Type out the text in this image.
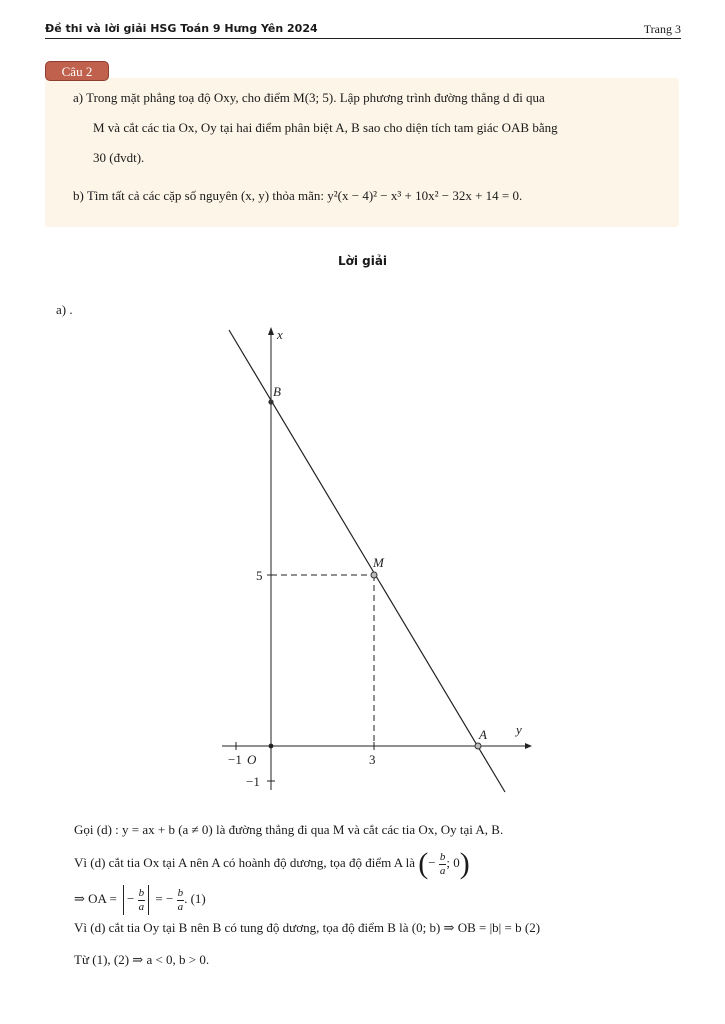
Đề thi và lời giải HSG Toán 9 Hưng Yên 2024	Trang 3
Câu 2
a) Trong mặt phẳng toạ độ Oxy, cho điểm M(3; 5). Lập phương trình đường thẳng d đi qua
M và cắt các tia Ox, Oy tại hai điểm phân biệt A, B sao cho diện tích tam giác OAB bằng
30 (đvdt).
b) Tìm tất cả các cặp số nguyên (x, y) thỏa mãn: y²(x − 4)² − x³ + 10x² − 32x + 14 = 0.
Lời giải
a) .
x
y
B
M
A
5
3
−1 O
−1
Gọi (d) : y = ax + b (a ≠ 0) là đường thẳng đi qua M và cắt các tia Ox, Oy tại A, B.
Vì (d) cắt tia Ox tại A nên A có hoành độ dương, tọa độ điểm A là (− $\frac{b}{a}$ ; 0)
⇒ OA = − $\frac{b}{a}$ = − $\frac{b}{a}$ . (1)
Vì (d) cắt tia Oy tại B nên B có tung độ dương, tọa độ điểm B là (0; b) ⇒ OB = |b| = b (2)
Từ (1), (2) ⇒ a < 0, b > 0.
